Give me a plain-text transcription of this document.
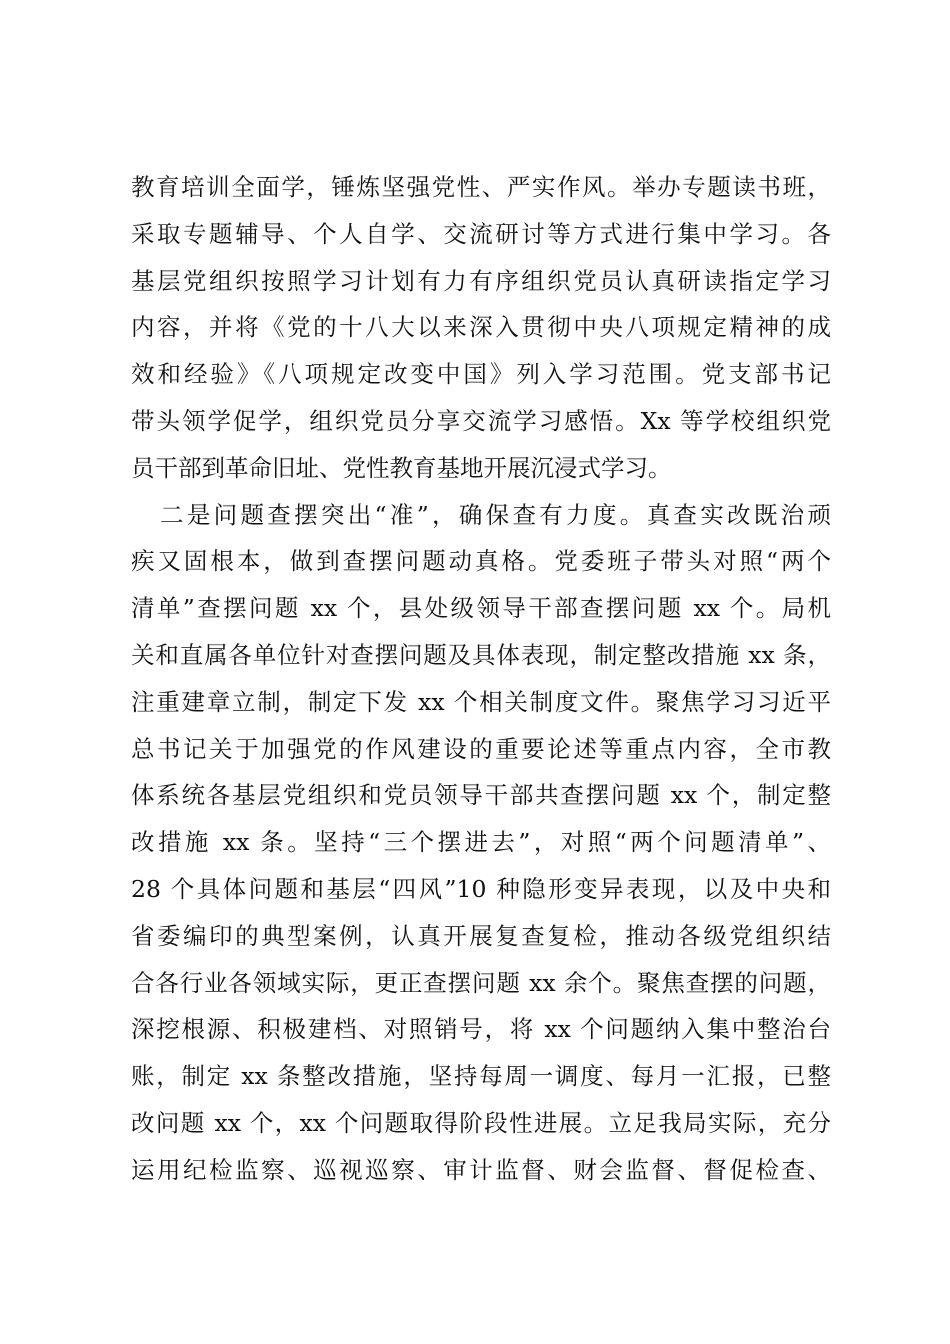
教育培训全面学，锤炼坚强党性、严实作风。举办专题读书班，
采取专题辅导、个人自学、交流研讨等方式进行集中学习。各
基层党组织按照学习计划有力有序组织党员认真研读指定学习
内容，并将《党的十八大以来深入贯彻中央八项规定精神的成
效和经验》《八项规定改变中国》列入学习范围。党支部书记
带头领学促学，组织党员分享交流学习感悟。Xx 等学校组织党
员干部到革命旧址、党性教育基地开展沉浸式学习。
二是问题查摆突出“准”，确保查有力度。真查实改既治顽
疾又固根本，做到查摆问题动真格。党委班子带头对照“两个
清单”查摆问题 xx 个，县处级领导干部查摆问题 xx 个。局机
关和直属各单位针对查摆问题及具体表现，制定整改措施 xx 条，
注重建章立制，制定下发 xx 个相关制度文件。聚焦学习习近平
总书记关于加强党的作风建设的重要论述等重点内容，全市教
体系统各基层党组织和党员领导干部共查摆问题 xx 个，制定整
改措施 xx 条。坚持“三个摆进去”，对照“两个问题清单”、
28 个具体问题和基层“四风”10 种隐形变异表现，以及中央和
省委编印的典型案例，认真开展复查复检，推动各级党组织结
合各行业各领域实际，更正查摆问题 xx 余个。聚焦查摆的问题，
深挖根源、积极建档、对照销号，将 xx 个问题纳入集中整治台
账，制定 xx 条整改措施，坚持每周一调度、每月一汇报，已整
改问题 xx 个，xx 个问题取得阶段性进展。立足我局实际，充分
运用纪检监察、巡视巡察、审计监督、财会监督、督促检查、
